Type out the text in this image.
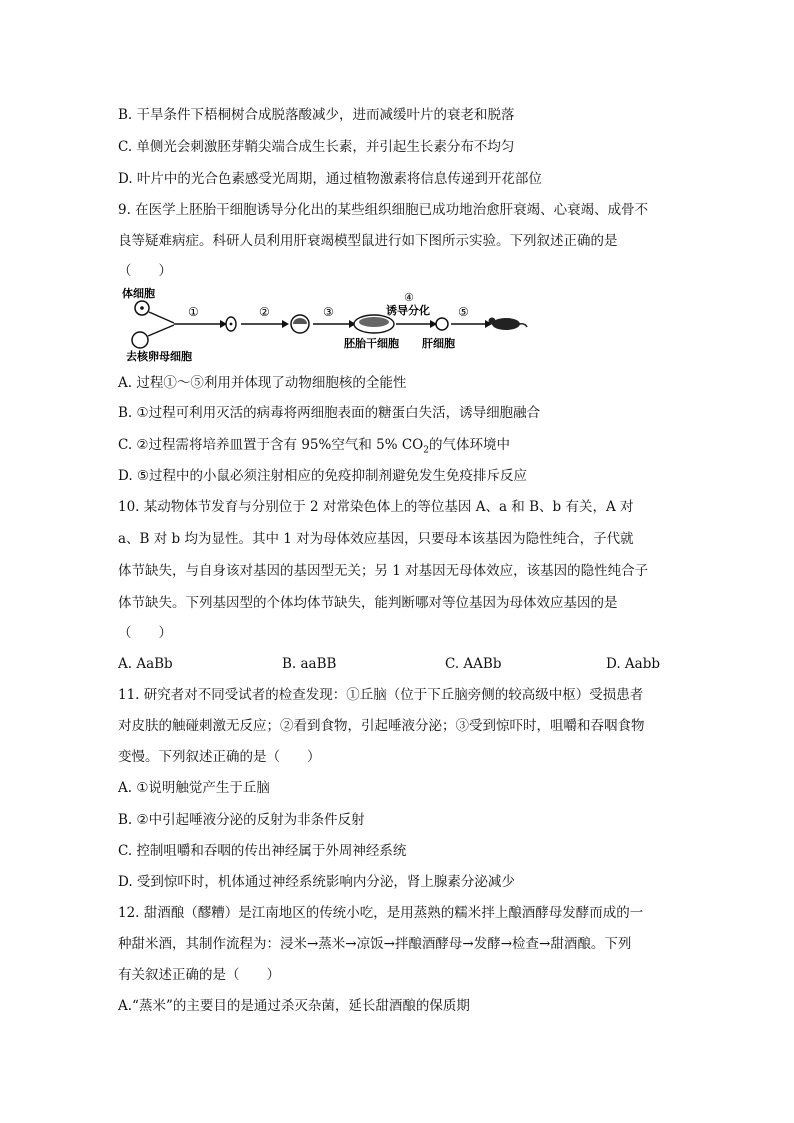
B. 干旱条件下梧桐树合成脱落酸减少，进而减缓叶片的衰老和脱落
C. 单侧光会刺激胚芽鞘尖端合成生长素，并引起生长素分布不均匀
D. 叶片中的光合色素感受光周期，通过植物激素将信息传递到开花部位
9. 在医学上胚胎干细胞诱导分化出的某些组织细胞已成功地治愈肝衰竭、心衰竭、成骨不
良等疑难病症。科研人员利用肝衰竭模型鼠进行如下图所示实验。下列叙述正确的是
（　　）
体细胞
去核卵母细胞
①	②	③
胚胎干细胞
④
诱导分化
肝细胞
⑤
A. 过程①～⑤利用并体现了动物细胞核的全能性
B. ①过程可利用灭活的病毒将两细胞表面的糖蛋白失活，诱导细胞融合
C. ②过程需将培养皿置于含有 95%空气和 5% $CO_2$的气体环境中
D. ⑤过程中的小鼠必须注射相应的免疫抑制剂避免发生免疫排斥反应
10. 某动物体节发育与分别位于 2 对常染色体上的等位基因 A、a 和 B、b 有关，A 对
a、B 对 b 均为显性。其中 1 对为母体效应基因，只要母本该基因为隐性纯合，子代就
体节缺失，与自身该对基因的基因型无关；另 1 对基因无母体效应，该基因的隐性纯合子
体节缺失。下列基因型的个体均体节缺失，能判断哪对等位基因为母体效应基因的是
（　　）
A. AaBb	B. aaBB	C. AABb	D. Aabb
11. 研究者对不同受试者的检查发现：①丘脑（位于下丘脑旁侧的较高级中枢）受损患者
对皮肤的触碰刺激无反应；②看到食物，引起唾液分泌；③受到惊吓时，咀嚼和吞咽食物
变慢。下列叙述正确的是（　　）
A. ①说明触觉产生于丘脑
B. ②中引起唾液分泌的反射为非条件反射
C. 控制咀嚼和吞咽的传出神经属于外周神经系统
D. 受到惊吓时，机体通过神经系统影响内分泌，肾上腺素分泌减少
12. 甜酒酿（醪糟）是江南地区的传统小吃，是用蒸熟的糯米拌上酿酒酵母发酵而成的一
种甜米酒，其制作流程为：浸米→蒸米→凉饭→拌酿酒酵母→发酵→检查→甜酒酿。下列
有关叙述正确的是（　　）
A.“蒸米”的主要目的是通过杀灭杂菌，延长甜酒酿的保质期
